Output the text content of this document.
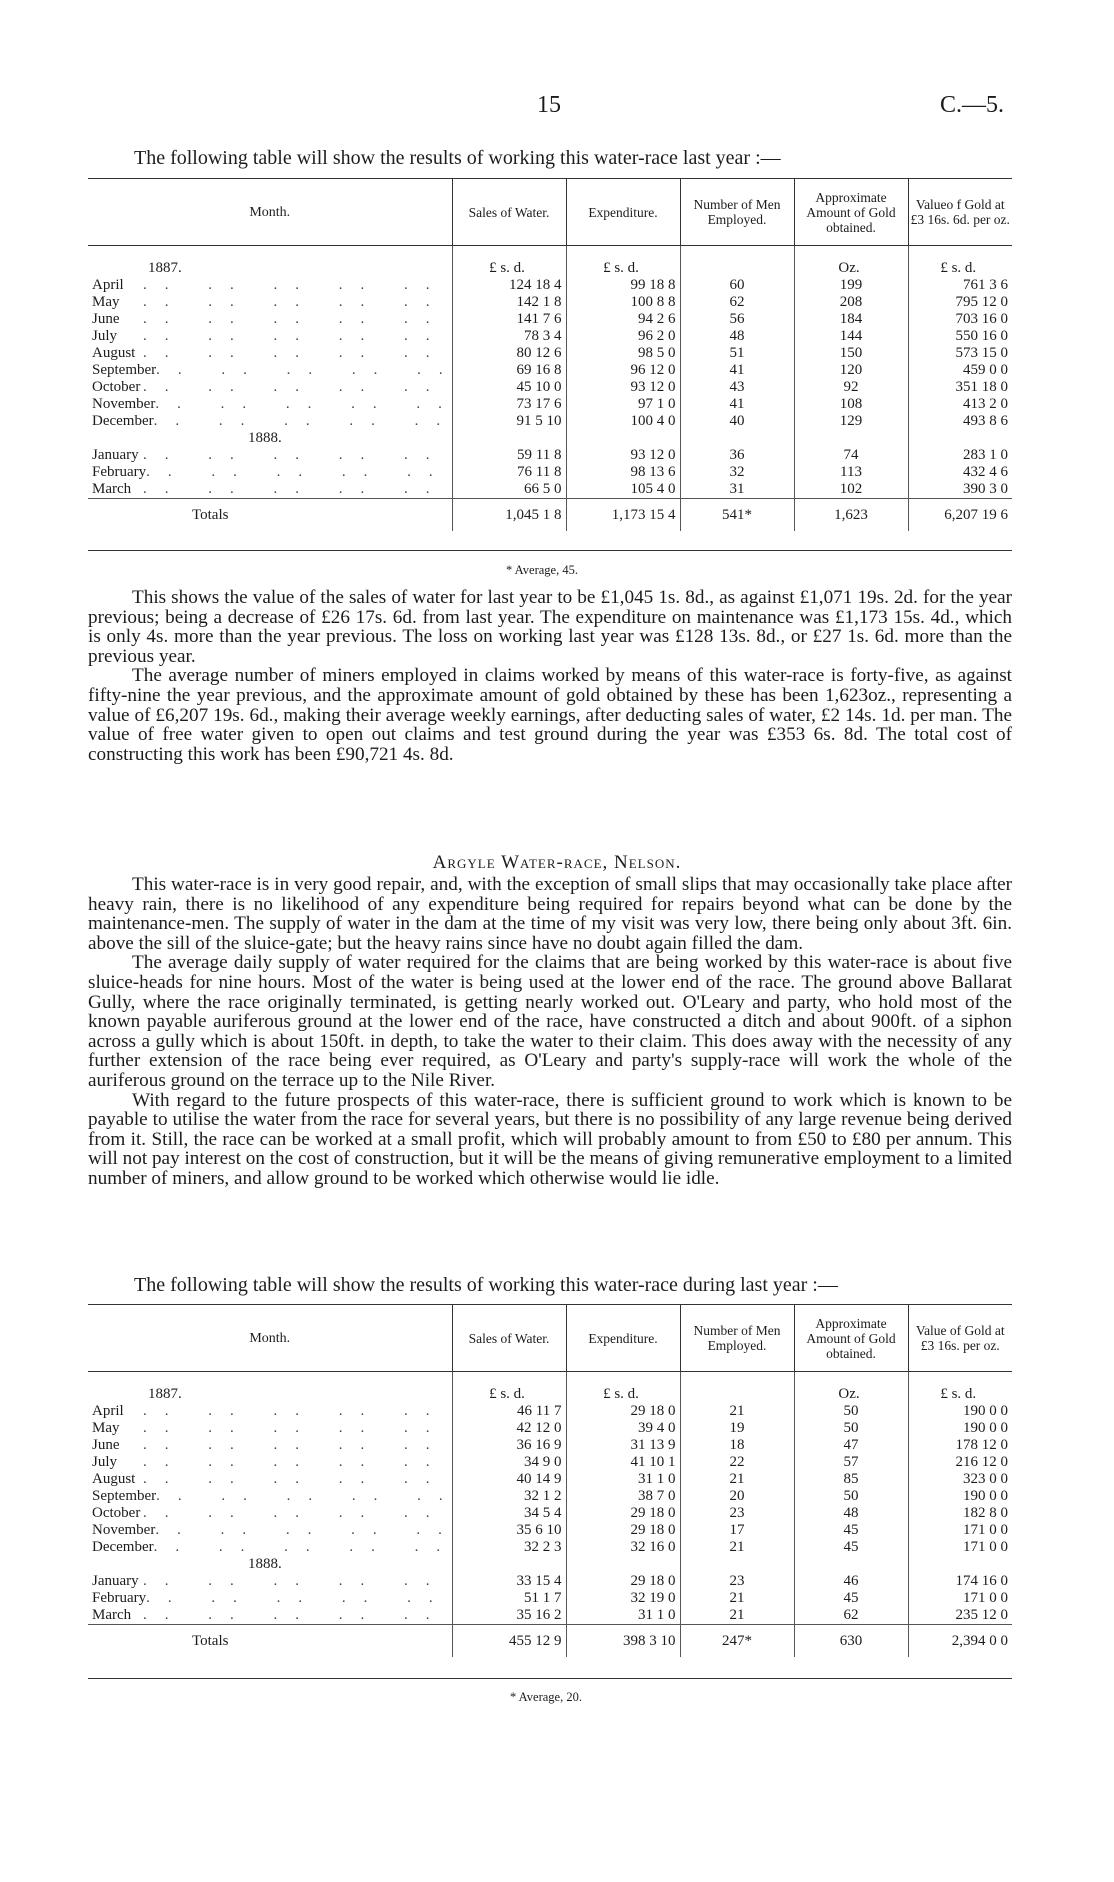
15	C.—5.
The following table will show the results of working this water-race last year :—
Month.	Sales of Water.	Expenditure.	Number of Men Employed.	Approximate Amount of Gold obtained.	Valueo f Gold at £3 16s. 6d. per oz.

1887.	£ s. d.	£ s. d.		Oz.	£ s. d.

April .. .. .. .. ..	124 18 4	99 18 8	60	199	761 3 6

May .. .. .. .. ..	142 1 8	100 8 8	62	208	795 12 0

June .. .. .. .. ..	141 7 6	94 2 6	56	184	703 16 0

July .. .. .. .. ..	78 3 4	96 2 0	48	144	550 16 0

August .. .. .. .. ..	80 12 6	98 5 0	51	150	573 15 0

September .. .. .. .. ..	69 16 8	96 12 0	41	120	459 0 0

October .. .. .. .. ..	45 10 0	93 12 0	43	92	351 18 0

November .. .. .. .. ..	73 17 6	97 1 0	41	108	413 2 0

December .. .. .. .. ..	91 5 10	100 4 0	40	129	493 8 6
1888.					

January .. .. .. .. ..	59 11 8	93 12 0	36	74	283 1 0

February .. .. .. .. ..	76 11 8	98 13 6	32	113	432 4 6

March .. .. .. .. ..	66 5 0	105 4 0	31	102	390 3 0
Totals	1,045 1 8	1,173 15 4	541*	1,623	6,207 19 6
* Average, 45.

This shows the value of the sales of water for last year to be £1,045 1s. 8d., as against £1,071 19s. 2d. for the year previous; being a decrease of £26 17s. 6d. from last year. The expenditure on maintenance was £1,173 15s. 4d., which is only 4s. more than the year previous. The loss on working last year was £128 13s. 8d., or £27 1s. 6d. more than the previous year.

The average number of miners employed in claims worked by means of this water-race is forty-five, as against fifty-nine the year previous, and the approximate amount of gold obtained by these has been 1,623oz., representing a value of £6,207 19s. 6d., making their average weekly earnings, after deducting sales of water, £2 14s. 1d. per man. The value of free water given to open out claims and test ground during the year was £353 6s. 8d. The total cost of constructing this work has been £90,721 4s. 8d.

Argyle Water-race, Nelson.

This water-race is in very good repair, and, with the exception of small slips that may occasionally take place after heavy rain, there is no likelihood of any expenditure being required for repairs beyond what can be done by the maintenance-men. The supply of water in the dam at the time of my visit was very low, there being only about 3ft. 6in. above the sill of the sluice-gate; but the heavy rains since have no doubt again filled the dam.

The average daily supply of water required for the claims that are being worked by this water-race is about five sluice-heads for nine hours. Most of the water is being used at the lower end of the race. The ground above Ballarat Gully, where the race originally terminated, is getting nearly worked out. O'Leary and party, who hold most of the known payable auriferous ground at the lower end of the race, have constructed a ditch and about 900ft. of a siphon across a gully which is about 150ft. in depth, to take the water to their claim. This does away with the necessity of any further extension of the race being ever required, as O'Leary and party's supply-race will work the whole of the auriferous ground on the terrace up to the Nile River.

With regard to the future prospects of this water-race, there is sufficient ground to work which is known to be payable to utilise the water from the race for several years, but there is no possibility of any large revenue being derived from it. Still, the race can be worked at a small profit, which will probably amount to from £50 to £80 per annum. This will not pay interest on the cost of construction, but it will be the means of giving remunerative employment to a limited number of miners, and allow ground to be worked which otherwise would lie idle.

The following table will show the results of working this water-race during last year :—
Month.	Sales of Water.	Expenditure.	Number of Men Employed.	Approximate Amount of Gold obtained.	Value of Gold at £3 16s. per oz.

1887.	£ s. d.	£ s. d.		Oz.	£ s. d.

April .. .. .. .. ..	46 11 7	29 18 0	21	50	190 0 0

May .. .. .. .. ..	42 12 0	39 4 0	19	50	190 0 0

June .. .. .. .. ..	36 16 9	31 13 9	18	47	178 12 0

July .. .. .. .. ..	34 9 0	41 10 1	22	57	216 12 0

August .. .. .. .. ..	40 14 9	31 1 0	21	85	323 0 0

September .. .. .. .. ..	32 1 2	38 7 0	20	50	190 0 0

October .. .. .. .. ..	34 5 4	29 18 0	23	48	182 8 0

November .. .. .. .. ..	35 6 10	29 18 0	17	45	171 0 0

December .. .. .. .. ..	32 2 3	32 16 0	21	45	171 0 0
1888.					

January .. .. .. .. ..	33 15 4	29 18 0	23	46	174 16 0

February .. .. .. .. ..	51 1 7	32 19 0	21	45	171 0 0

March .. .. .. .. ..	35 16 2	31 1 0	21	62	235 12 0
Totals	455 12 9	398 3 10	247*	630	2,394 0 0
* Average, 20.
